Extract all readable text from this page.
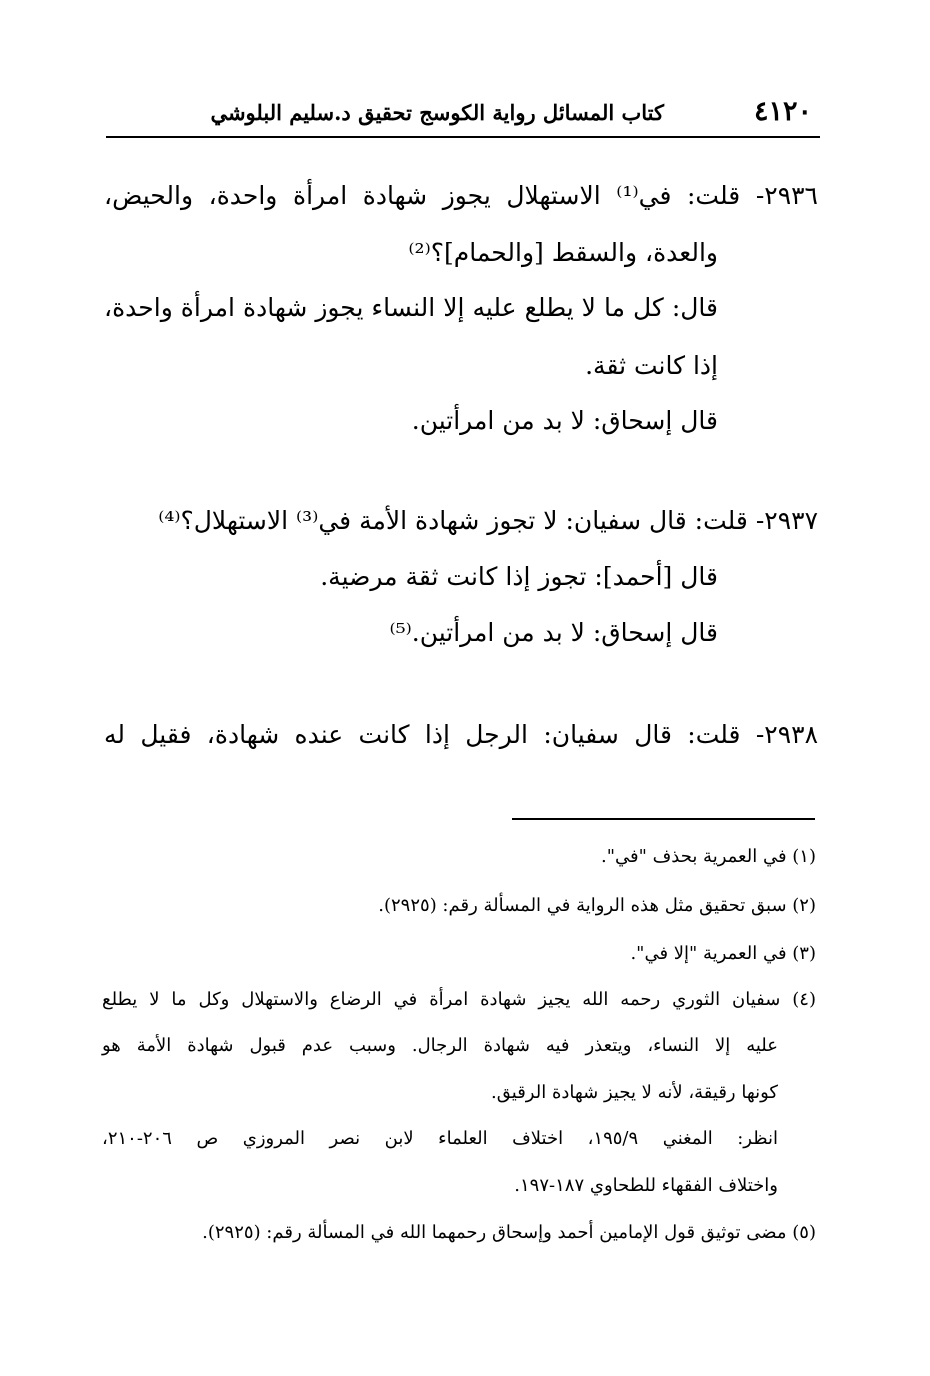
٤١٢٠
كتاب المسائل رواية الكوسج تحقيق د.سليم البلوشي
٢٩٣٦- قلت: في⁽¹⁾ الاستهلال يجوز شهادة امرأة واحدة، والحيض،
والعدة، والسقط [والحمام]؟⁽²⁾
قال: كل ما لا يطلع عليه إلا النساء يجوز شهادة امرأة واحدة،
إذا كانت ثقة.
قال إسحاق: لا بد من امرأتين.
٢٩٣٧- قلت: قال سفيان: لا تجوز شهادة الأمة في⁽³⁾ الاستهلال؟⁽⁴⁾
قال [أحمد]: تجوز إذا كانت ثقة مرضية.
قال إسحاق: لا بد من امرأتين.⁽⁵⁾
٢٩٣٨- قلت: قال سفيان: الرجل إذا كانت عنده شهادة، فقيل له
(١) في العمرية بحذف "في".
(٢) سبق تحقيق مثل هذه الرواية في المسألة رقم: (٢٩٢٥).
(٣) في العمرية "إلا في".
(٤) سفيان الثوري رحمه الله يجيز شهادة امرأة في الرضاع والاستهلال وكل ما لا يطلع
عليه إلا النساء، ويتعذر فيه شهادة الرجال. وسبب عدم قبول شهادة الأمة هو
كونها رقيقة، لأنه لا يجيز شهادة الرقيق.
انظر: المغني ١٩٥/٩، اختلاف العلماء لابن نصر المروزي ص ٢٠٦-٢١٠،
واختلاف الفقهاء للطحاوي ١٨٧-١٩٧.
(٥) مضى توثيق قول الإمامين أحمد وإسحاق رحمهما الله في المسألة رقم: (٢٩٢٥).
